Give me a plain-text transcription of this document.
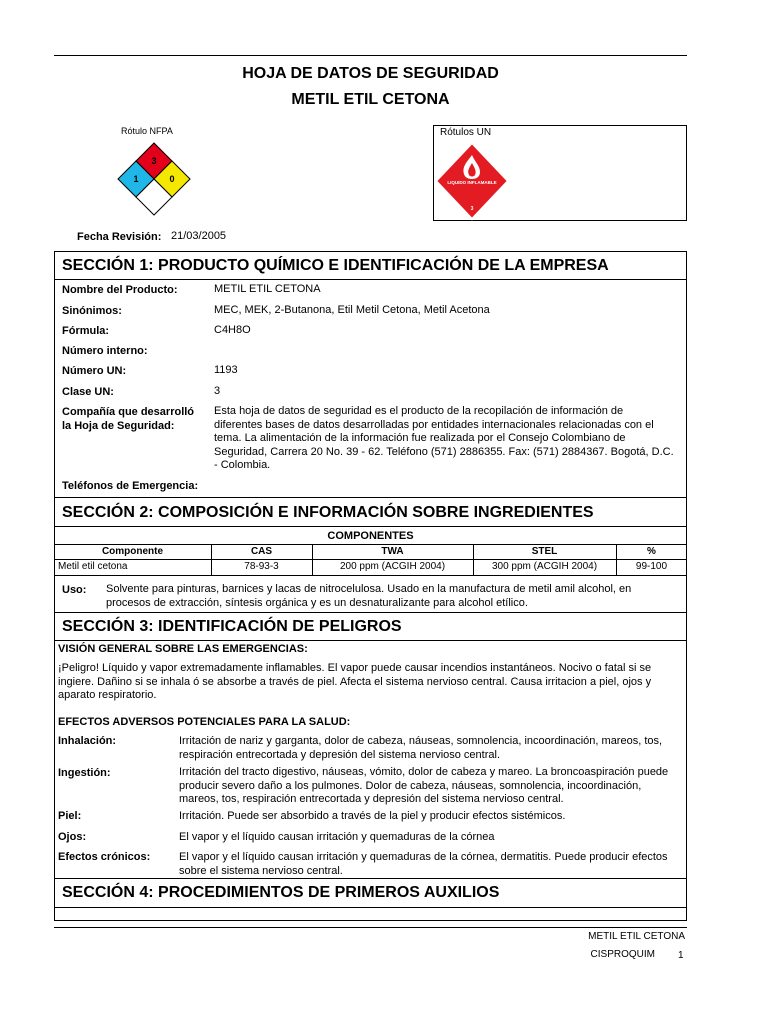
HOJA DE DATOS DE SEGURIDAD
METIL ETIL CETONA
Rótulo NFPA
3
1	0
Rótulos UN
LIQUIDO INFLAMABLE
3
Fecha Revisión: 21/03/2005
SECCIÓN 1: PRODUCTO QUÍMICO E IDENTIFICACIÓN DE LA EMPRESA
Nombre del Producto:	METIL ETIL CETONA
Sinónimos:	MEC, MEK, 2-Butanona, Etil Metil Cetona, Metil Acetona
Fórmula:	C4H8O
Número interno:
Número UN:	1193
Clase UN:	3
Compañía que desarrolló la Hoja de Seguridad:
Esta hoja de datos de seguridad es el producto de la recopilación de información de diferentes bases de datos desarrolladas por entidades internacionales relacionadas con el tema. La alimentación de la información fue realizada por el Consejo Colombiano de Seguridad, Carrera 20 No. 39 - 62. Teléfono (571) 2886355. Fax: (571) 2884367. Bogotá, D.C. - Colombia.
Teléfonos de Emergencia:
SECCIÓN 2: COMPOSICIÓN E INFORMACIÓN SOBRE INGREDIENTES
COMPONENTES
Componente	CAS	TWA	STEL	%
Metil etil cetona	78-93-3	200 ppm (ACGIH 2004)	300 ppm (ACGIH 2004)	99-100
Uso: Solvente para pinturas, barnices y lacas de nitrocelulosa. Usado en la manufactura de metil amil alcohol, en procesos de extracción, síntesis orgánica y es un desnaturalizante para alcohol etílico.
SECCIÓN 3: IDENTIFICACIÓN DE PELIGROS
VISIÓN GENERAL SOBRE LAS EMERGENCIAS:
¡Peligro! Líquido y vapor extremadamente inflamables. El vapor puede causar incendios instantáneos. Nocivo o fatal si se ingiere. Dañino si se inhala ó se absorbe a través de piel. Afecta el sistema nervioso central. Causa irritacion a piel, ojos y aparato respiratorio.
EFECTOS ADVERSOS POTENCIALES PARA LA SALUD:
Inhalación:	Irritación de nariz y garganta, dolor de cabeza, náuseas, somnolencia, incoordinación, mareos, tos, respiración entrecortada y depresión del sistema nervioso central.
Ingestión:	Irritación del tracto digestivo, náuseas, vómito, dolor de cabeza y mareo. La broncoaspiración puede producir severo daño a los pulmones. Dolor de cabeza, náuseas, somnolencia, incoordinación, mareos, tos, respiración entrecortada y depresión del sistema nervioso central.
Piel:	Irritación. Puede ser absorbido a través de la piel y producir efectos sistémicos.
Ojos:	El vapor y el líquido causan irritación y quemaduras de la córnea
Efectos crónicos:	El vapor y el líquido causan irritación y quemaduras de la córnea, dermatitis. Puede producir efectos sobre el sistema nervioso central.
SECCIÓN 4: PROCEDIMIENTOS DE PRIMEROS AUXILIOS
METIL ETIL CETONA
CISPROQUIM 1
